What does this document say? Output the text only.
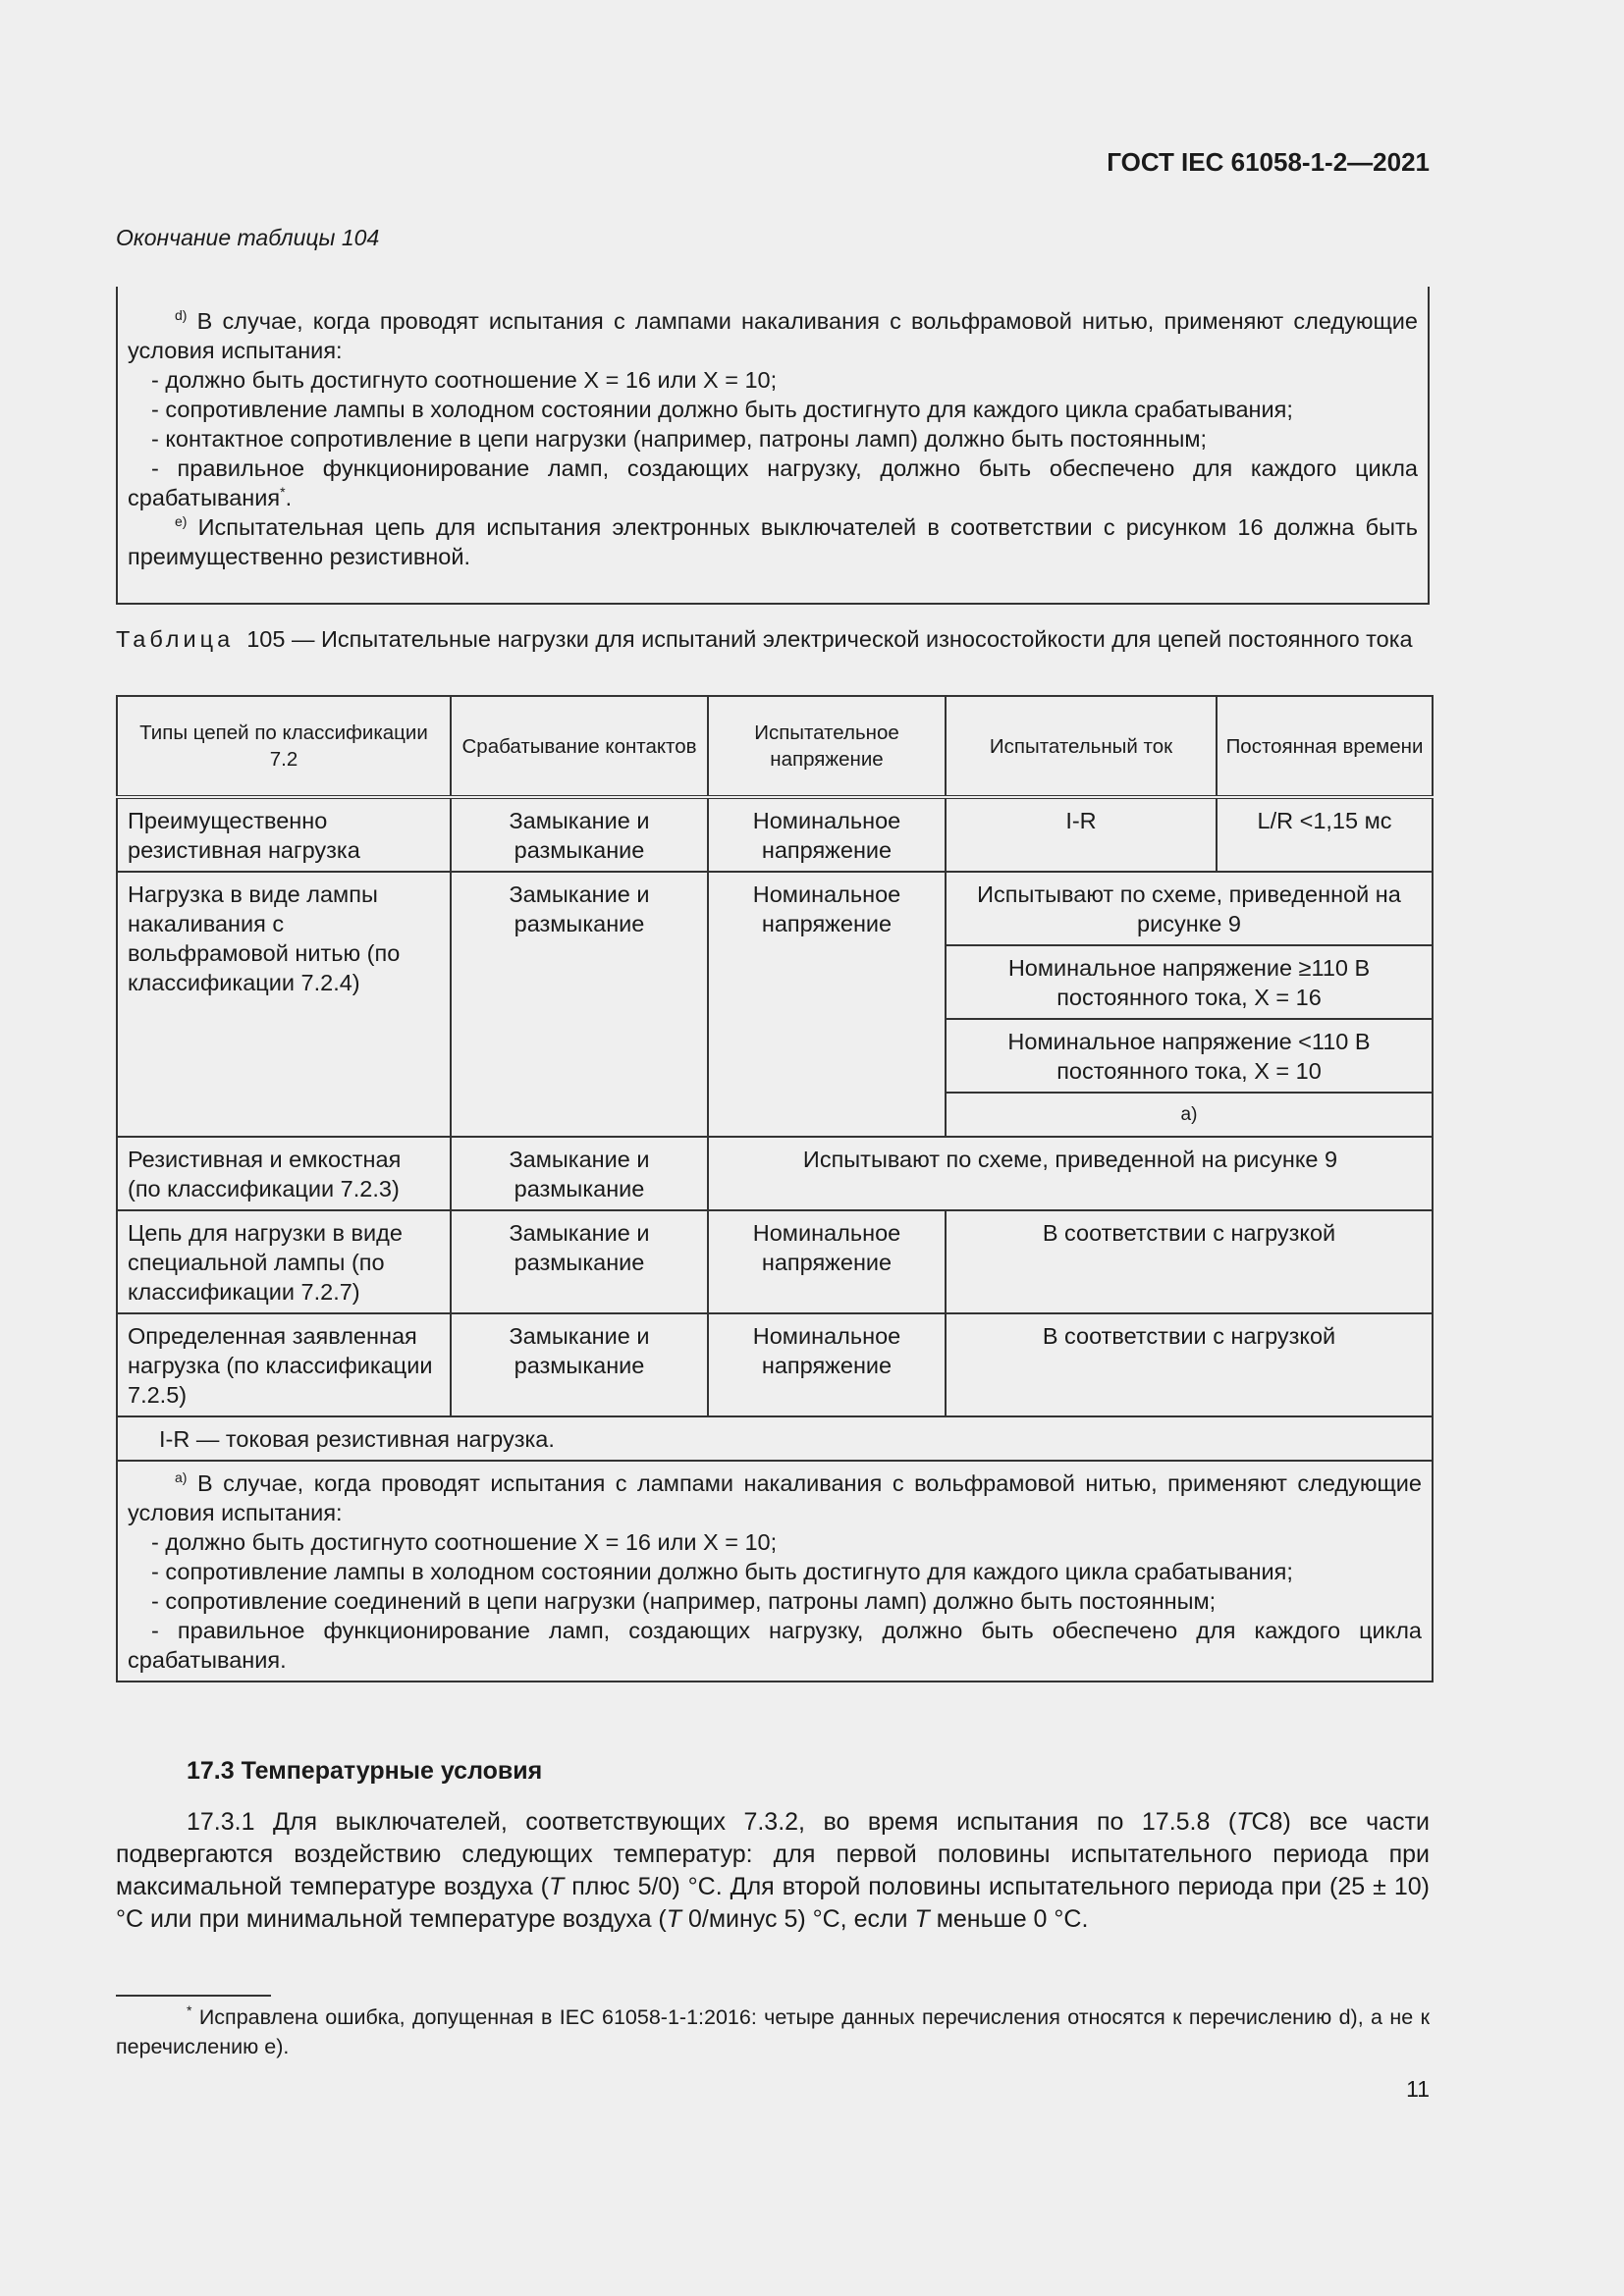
ГОСТ IEC 61058-1-2—2021
Окончание таблицы 104
$^{d)}$ В случае, когда проводят испытания с лампами накаливания с вольфрамовой нитью, применяют следующие условия испытания:
- должно быть достигнуто соотношение Х = 16 или Х = 10;
- сопротивление лампы в холодном состоянии должно быть достигнуто для каждого цикла срабатывания;
- контактное сопротивление в цепи нагрузки (например, патроны ламп) должно быть постоянным;
- правильное функционирование ламп, создающих нагрузку, должно быть обеспечено для каждого цикла срабатывания*.
$^{e)}$ Испытательная цепь для испытания электронных выключателей в соответствии с рисунком 16 должна быть преимущественно резистивной.
Таблица 105 — Испытательные нагрузки для испытаний электрической износостойкости для цепей постоянного тока
Типы цепей по классификации 7.2	Срабатывание контактов	Испытательное напряжение	Испытательный ток	Постоянная времени
Преимущественно резистивная нагрузка	Замыкание и размыкание	Номинальное напряжение	I-R	L/R <1,15 мс
Нагрузка в виде лампы накаливания с вольфрамовой нитью (по классификации 7.2.4)	Замыкание и размыкание	Номинальное напряжение	Испытывают по схеме, приведенной на рисунке 9	
			Номинальное напряжение ≥110 В постоянного тока, Х = 16	
			Номинальное напряжение <110 В постоянного тока, Х = 10	
			a)	
Резистивная и емкостная (по классификации 7.2.3)	Замыкание и размыкание	Испытывают по схеме, приведенной на рисунке 9		
Цепь для нагрузки в виде специальной лампы (по классификации 7.2.7)	Замыкание и размыкание	Номинальное напряжение	В соответствии с нагрузкой	
Определенная заявленная нагрузка (по классификации 7.2.5)	Замыкание и размыкание	Номинальное напряжение	В соответствии с нагрузкой	
I-R — токовая резистивная нагрузка.				

$^{a)}$ В случае, когда проводят испытания с лампами накаливания с вольфрамовой нитью, применяют следующие условия испытания:
- должно быть достигнуто соотношение Х = 16 или Х = 10;
- сопротивление лампы в холодном состоянии должно быть достигнуто для каждого цикла срабатывания;
- сопротивление соединений в цепи нагрузки (например, патроны ламп) должно быть постоянным;
- правильное функционирование ламп, создающих нагрузку, должно быть обеспечено для каждого цикла срабатывания.				
17.3 Температурные условия

17.3.1 Для выключателей, соответствующих 7.3.2, во время испытания по 17.5.8 (TC8) все части подвергаются воздействию следующих температур: для первой половины испытательного периода при максимальной температуре воздуха (T плюс 5/0) °C. Для второй половины испытательного периода при (25 ± 10) °C или при минимальной температуре воздуха (T 0/минус 5) °C, если T меньше 0 °C.

* Исправлена ошибка, допущенная в IEC 61058-1-1:2016: четыре данных перечисления относятся к перечислению d), а не к перечислению e).

11
